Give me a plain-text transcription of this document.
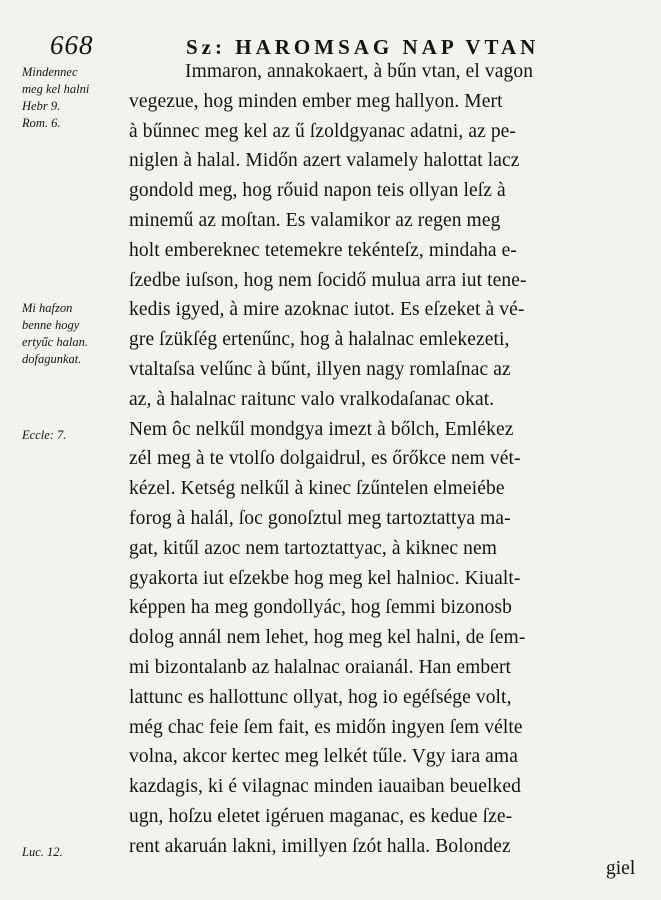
668	Sz: HAROMSAG NAP VTAN
Mindennec
meg kel halni
Hebr 9.
Rom. 6.
Mi hafzon
benne hogy
ertyűc halan.
dofagunkat.
Eccle: 7.
Luc. 12.
Immaron, annakokaert, à bűn vtan, el vagon
vegezue, hog minden ember meg hallyon. Mert
à bűnnec meg kel az ű ſzoldgyanac adatni, az pe-
niglen à halal. Midőn azert valamely halottat lacz
gondold meg, hog rőuid napon teis ollyan leſz à
minemű az moſtan. Es valamikor az regen meg
holt embereknec tetemekre tekénteſz, mindaha e-
ſzedbe iuſson, hog nem ſocidő mulua arra iut tene-
kedis igyed, à mire azoknac iutot. Es eſzeket à vé-
gre ſzükſég ertenűnc, hog à halalnac emlekezeti,
vtaltaſsa velűnc à bűnt, illyen nagy romlaſnac az
az, à halalnac raitunc valo vralkodaſanac okat.
Nem ôc nelkűl mondgya imezt à bőlch, Emlékez
zél meg à te vtolſo dolgaidrul, es őrőkce nem vét-
kézel. Ketség nelkűl à kinec ſzűntelen elmeiébe
forog à halál, ſoc gonoſztul meg tartoztattya ma-
gat, kitűl azoc nem tartoztattyac, à kiknec nem
gyakorta iut eſzekbe hog meg kel halnioc. Kiualt-
képpen ha meg gondollyác, hog ſemmi bizonosb
dolog annál nem lehet, hog meg kel halni, de ſem-
mi bizontalanb az halalnac oraianál. Han embert
lattunc es hallottunc ollyat, hog io egéſsége volt,
még chac feie ſem fait, es midőn ingyen ſem vélte
volna, akcor kertec meg lelkét tűle. Vgy iara ama
kazdagis, ki é vilagnac minden iauaiban beuelked
ugn, hoſzu eletet igéruen maganac, es kedue ſze-
rent akaruán lakni, imillyen ſzót halla. Bolondez
giel
